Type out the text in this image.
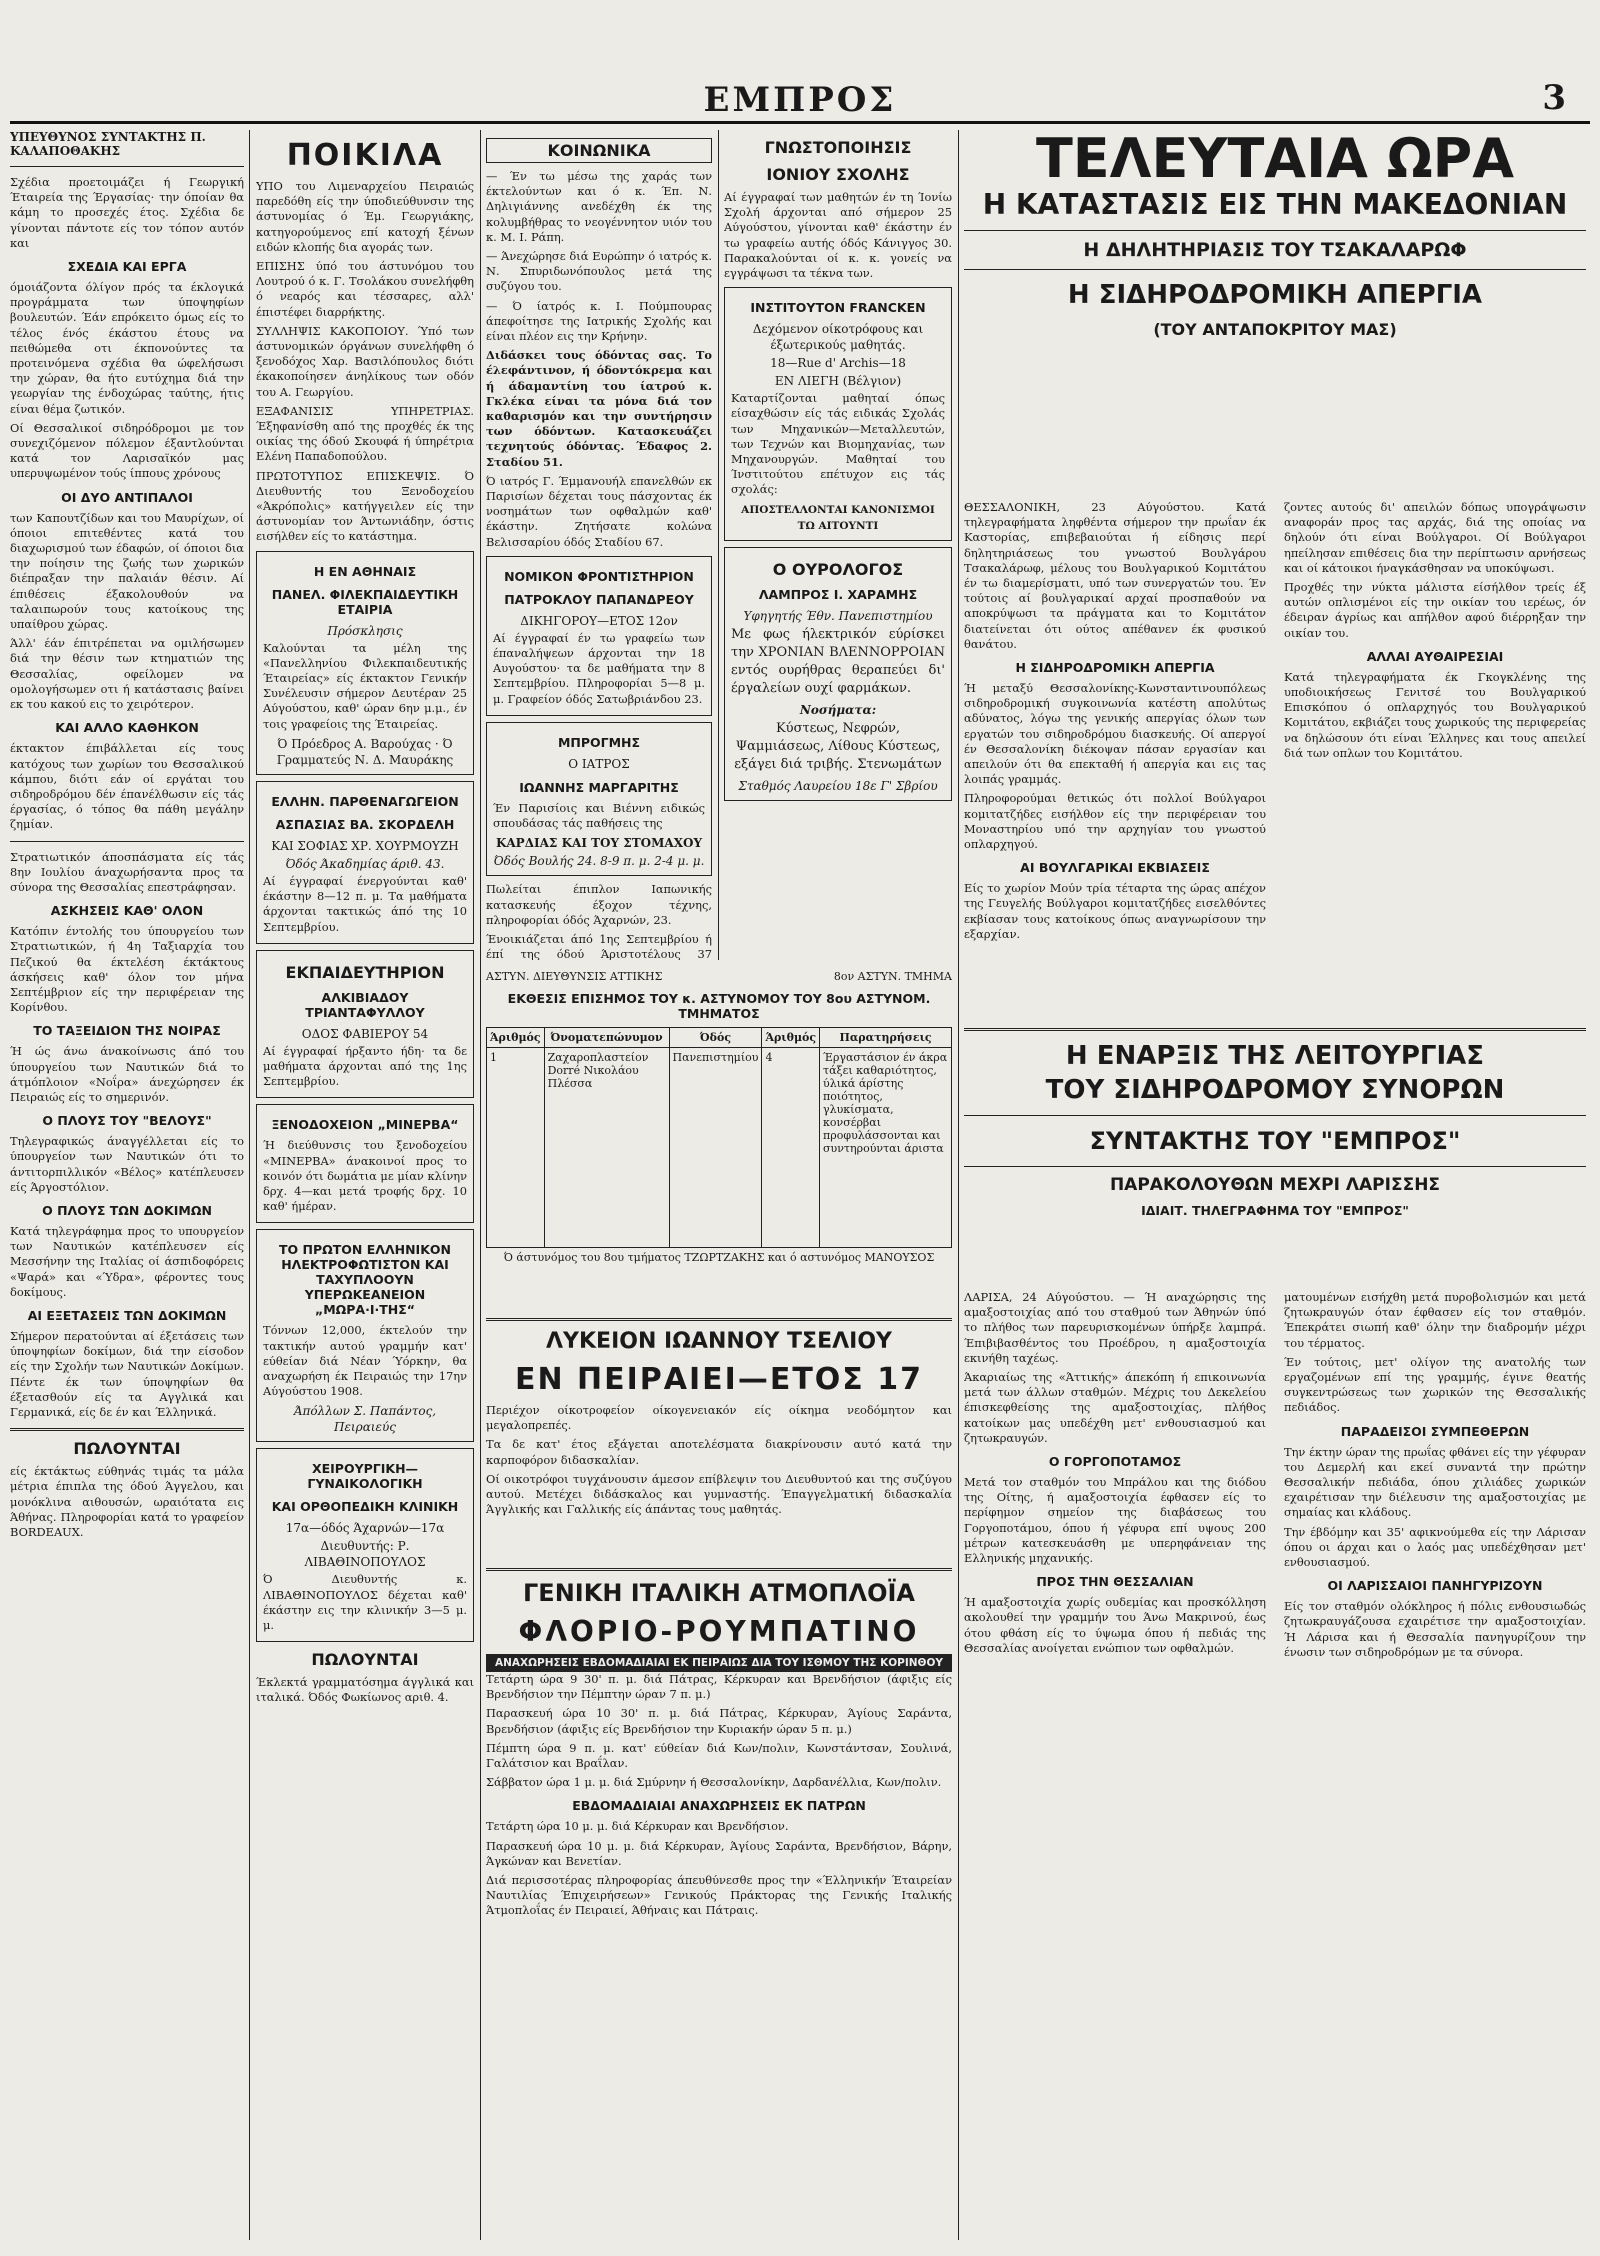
ΕΜΠΡΟΣ	3
ΥΠΕΥΘΥΝΟΣ ΣΥΝΤΑΚΤΗΣ Π. ΚΑΛΑΠΟΘΑΚΗΣ

Σχέδια προετοιμάζει ή Γεωργική Έταιρεία της Έργασίας· την όποίαν θα κάμη το προσεχές έτος. Σχέδια δε γίνονται πάντοτε είς τον τόπον αυτόν και

ΣΧΕΔΙΑ ΚΑΙ ΕΡΓΑ

όμοιάζοντα όλίγον πρός τα έκλογικά προγράμματα των ύποψηφίων βουλευτών. Έάν επρόκειτο όμως είς το τέλος ένός έκάστου έτους να πειθώμεθα οτι έκπονούντες τα προτεινόμενα σχέδια θα ώφελήσωσι την χώραν, θα ήτο ευτύχημα διά την γεωργίαν της ένδοχώρας ταύτης, ήτις είναι θέμα ζωτικόν.

Οί Θεσσαλικοί σιδηρόδρομοι με τον συνεχιζόμενον πόλεμον έξαντλούνται κατά τον Λαρισαϊκόν μας υπερυψωμένον τούς ίππους χρόνους

ΟΙ ΔΥΟ ΑΝΤΙΠΑΛΟΙ

των Καπουτζίδων και του Μαυρίχων, οί όποιοι επιτεθέντες κατά του διαχωρισμού των έδαφών, οί όποιοι δια την ποίησιν της ζωής των χωρικών διέπραξαν την παλαιάν θέσιν. Αί έπιθέσεις έξακολουθούν να ταλαιπωρούν τους κατοίκους της υπαίθρου χώρας.

Άλλ' έάν έπιτρέπεται να ομιλήσωμεν διά την θέσιν των κτηματιών της Θεσσαλίας, οφείλομεν να ομολογήσωμεν οτι ή κατάστασις βαίνει εκ του κακού εις το χειρότερον.

ΚΑΙ ΑΛΛΟ ΚΑΘΗΚΟΝ

έκτακτον έπιβάλλεται είς τους κατόχους των χωρίων του Θεσσαλικού κάμπου, διότι εάν οί εργάται του σιδηροδρόμου δέν έπανέλθωσιν είς τάς έργασίας, ό τόπος θα πάθη μεγάλην ζημίαν.

Στρατιωτικόν άποσπάσματα είς τάς 8ην Ιουλίου άναχωρήσαντα προς τα σύνορα της Θεσσαλίας επεστράφησαν.

ΑΣΚΗΣΕΙΣ ΚΑΘ' ΟΛΟΝ

Κατόπιν έντολής του ύπουργείου των Στρατιωτικών, ή 4η Ταξιαρχία του Πεζικού θα έκτελέση έκτάκτους άσκήσεις καθ' όλον τον μήνα Σεπτέμβριον είς την περιφέρειαν της Κορίνθου.

ΤΟ ΤΑΞΕΙΔΙΟΝ ΤΗΣ ΝΟΙΡΑΣ

Ή ώς άνω άνακοίνωσις άπό του ύπουργείου των Ναυτικών διά το άτμόπλοιον «Νοΐρα» άνεχώρησεν έκ Πειραιώς είς το σημερινόν.

Ο ΠΛΟΥΣ ΤΟΥ "ΒΕΛΟΥΣ"

Τηλεγραφικώς άναγγέλλεται είς το ύπουργείον των Ναυτικών ότι το άντιτορπιλλικόν «Βέλος» κατέπλευσεν είς Άργοστόλιον.

Ο ΠΛΟΥΣ ΤΩΝ ΔΟΚΙΜΩΝ

Κατά τηλεγράφημα προς το υπουργείον των Ναυτικών κατέπλευσεν είς Μεσσήνην της Ιταλίας οί άσπιδοφόρεις «Ψαρά» και «Ύδρα», φέροντες τους δοκίμους.

ΑΙ ΕΞΕΤΑΣΕΙΣ ΤΩΝ ΔΟΚΙΜΩΝ

Σήμερον περατούνται αί έξετάσεις των ύποψηφίων δοκίμων, διά την είσοδον είς την Σχολήν των Ναυτικών Δοκίμων. Πέντε έκ των ύποψηφίων θα έξετασθούν είς τα Αγγλικά και Γερμανικά, είς δε έν και Έλληνικά.

ΠΩΛΟΥΝΤΑΙ

είς έκτάκτως εύθηνάς τιμάς τα μάλα μέτρια έπιπλα της όδού Άγγελου, και μονόκλινα αιθουσών, ωραιότατα εις Άθήνας. Πληροφορίαι κατά το γραφείον BORDEAUX.

ΠΟΙΚΙΛΑ

ΥΠΟ του Λιμεναρχείου Πειραιώς παρεδόθη είς την ύποδιεύθυνσιν της άστυνομίας ό Έμ. Γεωργιάκης, κατηγορούμενος επί κατοχή ξένων ειδών κλοπής δια αγοράς των.

ΕΠΙΣΗΣ ύπό του άστυνόμου του Λουτρού ό κ. Γ. Τσολάκου συνελήφθη ό νεαρός και τέσσαρες, αλλ' έπιστέφει διαρρήκτης.

ΣΥΛΛΗΨΙΣ ΚΑΚΟΠΟΙΟΥ. Ύπό των άστυνομικών όργάνων συνελήφθη ό ξενοδόχος Χαρ. Βασιλόπουλος διότι έκακοποίησεν άνηλίκους των οδόν του Α. Γεωργίου.

ΕΞΑΦΑΝΙΣΙΣ ΥΠΗΡΕΤΡΙΑΣ. Έξηφανίσθη από της προχθές έκ της οικίας της όδού Σκουφά ή ύπηρέτρια Ελένη Παπαδοπούλου.

ΠΡΩΤΟΤΥΠΟΣ ΕΠΙΣΚΕΨΙΣ. Ό Διευθυντής του Ξενοδοχείου «Άκρόπολις» κατήγγειλεν είς την άστυνομίαν τον Άντωνιάδην, όστις εισήλθεν είς το κατάστημα.

Η ΕΝ ΑΘΗΝΑΙΣ
ΠΑΝΕΛ. ΦΙΛΕΚΠΑΙΔΕΥΤΙΚΗ ΕΤΑΙΡΙΑ
Πρόσκλησις

Καλούνται τα μέλη της «Πανελληνίου Φιλεκπαιδευτικής Έταιρείας» είς έκτακτον Γενικήν Συνέλευσιν σήμερον Δευτέραν 25 Αύγούστου, καθ' ώραν 6ην μ.μ., έν τοις γραφείοις της Έταιρείας.

Ό Πρόεδρος Α. Βαρούχας · Ό Γραμματεύς Ν. Δ. Μαυράκης
ΕΛΛΗΝ. ΠΑΡΘΕΝΑΓΩΓΕΙΟΝ
ΑΣΠΑΣΙΑΣ ΒΑ. ΣΚΟΡΔΕΛΗ
ΚΑΙ ΣΟΦΙΑΣ ΧΡ. ΧΟΥΡΜΟΥΖΗ
Όδός Άκαδημίας άριθ. 43.

Αί έγγραφαί ένεργούνται καθ' έκάστην 8—12 π. μ. Τα μαθήματα άρχονται τακτικώς άπό της 10 Σεπτεμβρίου.

ΕΚΠΑΙΔΕΥΤΗΡΙΟΝ
ΑΛΚΙΒΙΑΔΟΥ ΤΡΙΑΝΤΑΦΥΛΛΟΥ
ΟΔΟΣ ΦΑΒΙΕΡΟΥ 54

Αί έγγραφαί ήρξαντο ήδη· τα δε μαθήματα άρχονται από της 1ης Σεπτεμβρίου.

ΞΕΝΟΔΟΧΕΙΟΝ „ΜΙΝΕΡΒΑ“

Ή διεύθυνσις του ξενοδοχείου «ΜΙΝΕΡΒΑ» άνακοινοί προς το κοινόν ότι δωμάτια με μίαν κλίνην δρχ. 4—και μετά τροφής δρχ. 10 καθ' ήμέραν.

ΤΟ ΠΡΩΤΟΝ ΕΛΛΗΝΙΚΟΝ ΗΛΕΚΤΡΟΦΩΤΙΣΤΟΝ ΚΑΙ ΤΑΧΥΠΛΟΟΥΝ ΥΠΕΡΩΚΕΑΝΕΙΟΝ „ΜΩΡΑ·Ι·ΤΗΣ“

Τόννων 12,000, έκτελούν την τακτικήν αυτού γραμμήν κατ' εύθείαν διά Νέαν Ύόρκην, θα αναχωρήση έκ Πειραιώς την 17ην Αύγούστου 1908.

Άπόλλων Σ. Παπάντος, Πειραιεύς
ΧΕΙΡΟΥΡΓΙΚΗ—ΓΥΝΑΙΚΟΛΟΓΙΚΗ
ΚΑΙ ΟΡΘΟΠΕΔΙΚΗ ΚΛΙΝΙΚΗ
17α—όδός Άχαρνών—17α
Διευθυντής: Ρ. ΛΙΒΑΘΙΝΟΠΟΥΛΟΣ

Ό Διευθυντής κ. ΛΙΒΑΘΙΝΟΠΟΥΛΟΣ δέχεται καθ' έκάστην εις την κλινικήν 3—5 μ. μ.

ΠΩΛΟΥΝΤΑΙ

Έκλεκτά γραμματόσημα άγγλικά και ιταλικά. Όδός Φωκίωνος αριθ. 4.

ΚΟΙΝΩΝΙΚΑ

— Έν τω μέσω της χαράς των έκτελούντων και ό κ. Έπ. Ν. Δηλιγιάννης ανεδέχθη έκ της κολυμβήθρας το νεογέννητον υιόν του κ. Μ. Ι. Ράπη.

— Άνεχώρησε διά Ευρώπην ό ιατρός κ. Ν. Σπυριδωνόπουλος μετά της συζύγου του.

— Ό ίατρός κ. Ι. Πούμπουρας άπεφοίτησε της Ιατρικής Σχολής και είναι πλέον εις την Κρήνην.

Διδάσκει τους όδόντας σας. Το έλεφάντινον, ή όδοντόκρεμα και ή άδαμαντίνη του ίατρού κ. Γκλέκα είναι τα μόνα διά τον καθαρισμόν και την συντήρησιν των όδόντων. Κατασκευάζει τεχνητούς όδόντας. Έδαφος 2. Σταδίου 51.

Ό ιατρός Γ. Έμμανουήλ επανελθών εκ Παρισίων δέχεται τους πάσχοντας έκ νοσημάτων των οφθαλμών καθ' έκάστην. Ζητήσατε κολώνα Βελισσαρίου όδός Σταδίου 67.

ΝΟΜΙΚΟΝ ΦΡΟΝΤΙΣΤΗΡΙΟΝ
ΠΑΤΡΟΚΛΟΥ ΠΑΠΑΝΔΡΕΟΥ
ΔΙΚΗΓΟΡΟΥ—ΕΤΟΣ 12ον

Αί έγγραφαί έν τω γραφείω των έπαναλήψεων άρχονται την 18 Αυγούστου· τα δε μαθήματα την 8 Σεπτεμβρίου. Πληροφορίαι 5—8 μ. μ. Γραφείον όδός Σατωβριάνδου 23.

ΜΠΡΟΓΜΗΣ
Ο ΙΑΤΡΟΣ
ΙΩΑΝΝΗΣ ΜΑΡΓΑΡΙΤΗΣ

Έν Παρισίοις και Βιέννη ειδικώς σπουδάσας τάς παθήσεις της

ΚΑΡΔΙΑΣ ΚΑΙ ΤΟΥ ΣΤΟΜΑΧΟΥ
Όδός Βουλής 24. 8-9 π. μ. 2-4 μ. μ.

Πωλείται έπιπλον Ιαπωνικής κατασκευής έξοχον τέχνης, πληροφορίαι όδός Άχαρνών, 23.

Ένοικιάζεται άπό 1ης Σεπτεμβρίου ή έπί της όδού Άριστοτέλους 37

ΓΝΩΣΤΟΠΟΙΗΣΙΣ
ΙΟΝΙΟΥ ΣΧΟΛΗΣ

Αί έγγραφαί των μαθητών έν τη Ίονίω Σχολή άρχονται από σήμερον 25 Αύγούστου, γίνονται καθ' έκάστην έν τω γραφείω αυτής όδός Κάνιγγος 30. Παρακαλούνται οί κ. κ. γονείς να εγγράψωσι τα τέκνα των.

ΙΝΣΤΙΤΟΥΤΟΝ FRANCKEN
Δεχόμενον οίκοτρόφους και έξωτερικούς μαθητάς.
18—Rue d' Archis—18
ΕΝ ΛΙΕΓΗ (Βέλγιον)

Καταρτίζονται μαθηταί όπως είσαχθώσιν είς τάς ειδικάς Σχολάς των Μηχανικών—Μεταλλευτών, των Τεχνών και Βιομηχανίας, των Μηχανουργών. Μαθηταί του Ίνστιτούτου επέτυχον εις τάς σχολάς:

ΑΠΟΣΤΕΛΛΟΝΤΑΙ ΚΑΝΟΝΙΣΜΟΙ ΤΩ ΑΙΤΟΥΝΤΙ
Ο ΟΥΡΟΛΟΓΟΣ
ΛΑΜΠΡΟΣ Ι. ΧΑΡΑΜΗΣ
Υφηγητής Έθν. Πανεπιστημίου

Με φως ήλεκτρικόν εύρίσκει την ΧΡΟΝΙΑΝ ΒΛΕΝΝΟΡΡΟΙΑΝ εντός ουρήθρας θεραπεύει δι' έργαλείων ουχί φαρμάκων.

Νοσήματα:

Κύστεως, Νεφρών, Ψαμμιάσεως, Λίθους Κύστεως, εξάγει διά τριβής. Στενωμάτων

Σταθμός Λαυρείου 18ε Γ' Σβρίου
ΑΣΤΥΝ. ΔΙΕΥΘΥΝΣΙΣ ΑΤΤΙΚΗΣ	8ον ΑΣΤΥΝ. ΤΜΗΜΑ
ΕΚΘΕΣΙΣ ΕΠΙΣΗΜΟΣ ΤΟΥ κ. ΑΣΤΥΝΟΜΟΥ ΤΟΥ 8ου ΑΣΤΥΝΟΜ. ΤΜΗΜΑΤΟΣ
Άριθμός	Όνοματεπώνυμον	Όδός	Άριθμός	Παρατηρήσεις
1	Ζαχαροπλαστείον Dorré Νικολάου Πλέσσα	Πανεπιστημίου	4	Έργαστάσιον έν άκρα τάξει καθαριότητος, ύλικά άρίστης ποιότητος, γλυκίσματα, κονσέρβαι προφυλάσσονται και συντηρούνται άριστα
Ό άστυνόμος του 8ου τμήματος ΤΖΩΡΤΖΑΚΗΣ και ό αστυνόμος ΜΑΝΟΥΣΟΣ
ΛΥΚΕΙΟΝ ΙΩΑΝΝΟΥ ΤΣΕΛΙΟΥ
ΕΝ ΠΕΙΡΑΙΕΙ—ΕΤΟΣ 17

Περιέχον οίκοτροφείον οίκογενειακόν είς οίκημα νεοδόμητον και μεγαλοπρεπές.

Τα δε κατ' έτος εξάγεται αποτελέσματα διακρίνουσιν αυτό κατά την καρποφόρον διδασκαλίαν.

Οί οικοτρόφοι τυγχάνουσιν άμεσον επίβλεψιν του Διευθυντού και της συζύγου αυτού. Μετέχει διδάσκαλος και γυμναστής. Έπαγγελματική διδασκαλία Άγγλικής και Γαλλικής είς άπάντας τους μαθητάς.

ΓΕΝΙΚΗ ΙΤΑΛΙΚΗ ΑΤΜΟΠΛΟΪΑ
ΦΛΟΡΙΟ-ΡΟΥΜΠΑΤΙΝΟ
ΑΝΑΧΩΡΗΣΕΙΣ ΕΒΔΟΜΑΔΙΑΙΑΙ ΕΚ ΠΕΙΡΑΙΩΣ ΔΙΑ ΤΟΥ ΙΣΘΜΟΥ ΤΗΣ ΚΟΡΙΝΘΟΥ

Τετάρτη ώρα 9 30' π. μ. διά Πάτρας, Κέρκυραν και Βρενδήσιον (άφιξις είς Βρενδήσιον την Πέμπτην ώραν 7 π. μ.)

Παρασκευή ώρα 10 30' π. μ. διά Πάτρας, Κέρκυραν, Άγίους Σαράντα, Βρενδήσιον (άφιξις είς Βρενδήσιον την Κυριακήν ώραν 5 π. μ.)

Πέμπτη ώρα 9 π. μ. κατ' εύθείαν διά Κων/πολιν, Κωνστάντσαν, Σουλινά, Γαλάτσιον και Βραΐλαν.

Σάββατον ώρα 1 μ. μ. διά Σμύρνην ή Θεσσαλονίκην, Δαρδανέλλια, Κων/πολιν.

ΕΒΔΟΜΑΔΙΑΙΑΙ ΑΝΑΧΩΡΗΣΕΙΣ ΕΚ ΠΑΤΡΩΝ

Τετάρτη ώρα 10 μ. μ. διά Κέρκυραν και Βρενδήσιον.

Παρασκευή ώρα 10 μ. μ. διά Κέρκυραν, Άγίους Σαράντα, Βρενδήσιον, Βάρην, Άγκώναν και Βενετίαν.

Διά περισσοτέρας πληροφορίας άπευθύνεσθε προς την «Έλληνικήν Έταιρείαν Ναυτιλίας Έπιχειρήσεων» Γενικούς Πράκτορας της Γενικής Ιταλικής Άτμοπλοΐας έν Πειραιεί, Άθήναις και Πάτραις.

ΤΕΛΕΥΤΑΙΑ ΩΡΑ
Η ΚΑΤΑΣΤΑΣΙΣ ΕΙΣ ΤΗΝ ΜΑΚΕΔΟΝΙΑΝ
Η ΔΗΛΗΤΗΡΙΑΣΙΣ ΤΟΥ ΤΣΑΚΑΛΑΡΩΦ
Η ΣΙΔΗΡΟΔΡΟΜΙΚΗ ΑΠΕΡΓΙΑ
(ΤΟΥ ΑΝΤΑΠΟΚΡΙΤΟΥ ΜΑΣ)

ΘΕΣΣΑΛΟΝΙΚΗ, 23 Αύγούστου. Κατά τηλεγραφήματα ληφθέντα σήμερον την πρωΐαν έκ Καστορίας, επιβεβαιούται ή είδησις περί δηλητηριάσεως του γνωστού Βουλγάρου Τσακαλάρωφ, μέλους του Βουλγαρικού Κομιτάτου έν τω διαμερίσματι, υπό των συνεργατών του. Έν τούτοις αί βουλγαρικαί αρχαί προσπαθούν να αποκρύψωσι τα πράγματα και το Κομιτάτον διατείνεται ότι ούτος απέθανεν έκ φυσικού θανάτου.

Η ΣΙΔΗΡΟΔΡΟΜΙΚΗ ΑΠΕΡΓΙΑ

Ή μεταξύ Θεσσαλονίκης-Κωνσταντινουπόλεως σιδηροδρομική συγκοινωνία κατέστη απολύτως αδύνατος, λόγω της γενικής απεργίας όλων των εργατών του σιδηροδρόμου διασκευής. Οί απεργοί έν Θεσσαλονίκη διέκοψαν πάσαν εργασίαν και απειλούν ότι θα επεκταθή ή απεργία και εις τας λοιπάς γραμμάς.

Πληροφορούμαι θετικώς ότι πολλοί Βούλγαροι κομιτατζήδες εισήλθον είς την περιφέρειαν του Μοναστηρίου υπό την αρχηγίαν του γνωστού οπλαρχηγού.

ΑΙ ΒΟΥΛΓΑΡΙΚΑΙ ΕΚΒΙΑΣΕΙΣ

Είς το χωρίον Μούν τρία τέταρτα της ώρας απέχον της Γευγελής Βούλγαροι κομιτατζήδες εισελθόντες εκβίασαν τους κατοίκους όπως αναγνωρίσουν την εξαρχίαν.

ζοντες αυτούς δι' απειλών δόπως υπογράψωσιν αναφοράν προς τας αρχάς, διά της οποίας να δηλούν ότι είναι Βούλγαροι. Οί Βούλγαροι ηπείλησαν επιθέσεις δια την περίπτωσιν αρνήσεως και οί κάτοικοι ήναγκάσθησαν να υποκύψωσι.

Προχθές την νύκτα μάλιστα είσήλθον τρείς έξ αυτών οπλισμένοι είς την οικίαν του ιερέως, όν έδειραν άγρίως και απήλθον αφού διέρρηξαν την οικίαν του.

ΑΛΛΑΙ ΑΥΘΑΙΡΕΣΙΑΙ

Κατά τηλεγραφήματα έκ Γκογκλένης της υποδιοικήσεως Γενιτσέ του Βουλγαρικού Επισκόπου ό οπλαρχηγός του Βουλγαρικού Κομιτάτου, εκβιάζει τους χωρικούς της περιφερείας να δηλώσουν ότι είναι Έλληνες και τους απειλεί διά των οπλων του Κομιτάτου.

Η ΕΝΑΡΞΙΣ ΤΗΣ ΛΕΙΤΟΥΡΓΙΑΣ
ΤΟΥ ΣΙΔΗΡΟΔΡΟΜΟΥ ΣΥΝΟΡΩΝ
ΣΥΝΤΑΚΤΗΣ ΤΟΥ "ΕΜΠΡΟΣ"
ΠΑΡΑΚΟΛΟΥΘΩΝ ΜΕΧΡΙ ΛΑΡΙΣΣΗΣ
ΙΔΙΑΙΤ. ΤΗΛΕΓΡΑΦΗΜΑ ΤΟΥ "ΕΜΠΡΟΣ"

ΛΑΡΙΣΑ, 24 Αύγούστου. — Ή αναχώρησις της αμαξοστοιχίας από του σταθμού των Άθηνών ύπό το πλήθος των παρευρισκομένων ύπήρξε λαμπρά. Έπιβιβασθέντος του Προέδρου, η αμαξοστοιχία εκινήθη ταχέως.

Άκαριαίως της «Άττικής» άπεκόπη ή επικοινωνία μετά των άλλων σταθμών. Μέχρις του Δεκελείου έπισκεφθείσης της αμαξοστοιχίας, πλήθος κατοίκων μας υπεδέχθη μετ' ενθουσιασμού και ζητωκραυγών.

Ο ΓΟΡΓΟΠΟΤΑΜΟΣ

Μετά τον σταθμόν του Μπράλου και της διόδου της Οίτης, ή αμαξοστοιχία έφθασεν είς το περίφημον σημείον της διαβάσεως του Γοργοποτάμου, όπου ή γέφυρα επί υψους 200 μέτρων κατεσκευάσθη με υπερηφάνειαν της Ελληνικής μηχανικής.

ΠΡΟΣ ΤΗΝ ΘΕΣΣΑΛΙΑΝ

Ή αμαξοστοιχία χωρίς ουδεμίας και προσκόλληση ακολουθεί την γραμμήν του Άνω Μακρινού, έως ότου φθάση είς το ύψωμα όπου ή πεδιάς της Θεσσαλίας ανοίγεται ενώπιον των οφθαλμών.

ματουμένων εισήχθη μετά πυροβολισμών και μετά ζητωκραυγών όταν έφθασεν είς τον σταθμόν. Έπεκράτει σιωπή καθ' όλην την διαδρομήν μέχρι του τέρματος.

Έν τούτοις, μετ' ολίγον της ανατολής των εργαζομένων επί της γραμμής, έγινε θεατής συγκεντρώσεως των χωρικών της Θεσσαλικής πεδιάδος.

ΠΑΡΑΔΕΙΣΟΙ ΣΥΜΠΕΘΕΡΩΝ

Την έκτην ώραν της πρωΐας φθάνει είς την γέφυραν του Δεμερλή και εκεί συναντά την πρώτην Θεσσαλικήν πεδιάδα, όπου χιλιάδες χωρικών εχαιρέτισαν την διέλευσιν της αμαξοστοιχίας με σημαίας και κλάδους.

Την έβδόμην και 35' αφικνούμεθα είς την Λάρισαν όπου οι άρχαι και ο λαός μας υπεδέχθησαν μετ' ενθουσιασμού.

ΟΙ ΛΑΡΙΣΣΑΙΟΙ ΠΑΝΗΓΥΡΙΖΟΥΝ

Είς τον σταθμόν ολόκληρος ή πόλις ενθουσιωδώς ζητωκραυγάζουσα εχαιρέτισε την αμαξοστοιχίαν. Ή Λάρισα και ή Θεσσαλία πανηγυρίζουν την ένωσιν των σιδηροδρόμων με τα σύνορα.
